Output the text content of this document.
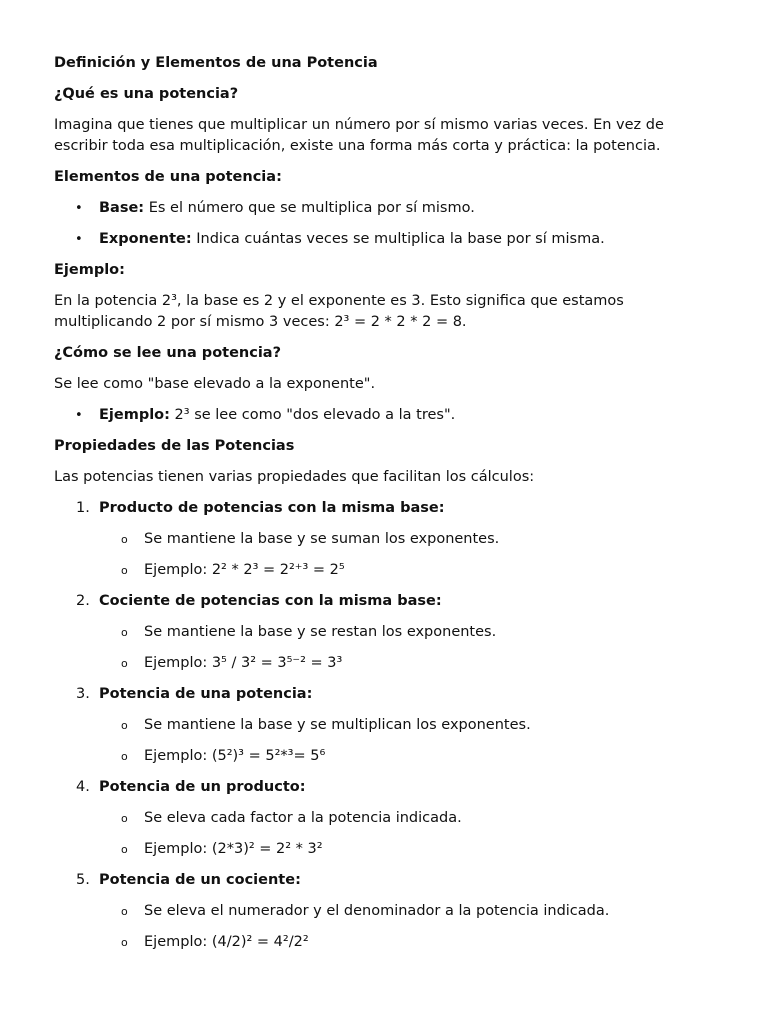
Definición y Elementos de una Potencia
¿Qué es una potencia?
Imagina que tienes que multiplicar un número por sí mismo varias veces. En vez de
escribir toda esa multiplicación, existe una forma más corta y práctica: la potencia.
Elementos de una potencia:
• Base: Es el número que se multiplica por sí mismo.
• Exponente: Indica cuántas veces se multiplica la base por sí misma.
Ejemplo:
En la potencia 2³, la base es 2 y el exponente es 3. Esto significa que estamos
multiplicando 2 por sí mismo 3 veces: 2³ = 2 * 2 * 2 = 8.
¿Cómo se lee una potencia?
Se lee como "base elevado a la exponente".
• Ejemplo: 2³ se lee como "dos elevado a la tres".
Propiedades de las Potencias
Las potencias tienen varias propiedades que facilitan los cálculos:
1. Producto de potencias con la misma base:
o Se mantiene la base y se suman los exponentes.
o Ejemplo: 2² * 2³ = 2²⁺³ = 2⁵
2. Cociente de potencias con la misma base:
o Se mantiene la base y se restan los exponentes.
o Ejemplo: 3⁵ / 3² = 3⁵⁻² = 3³
3. Potencia de una potencia:
o Se mantiene la base y se multiplican los exponentes.
o Ejemplo: (5²)³ = 5²*³= 5⁶
4. Potencia de un producto:
o Se eleva cada factor a la potencia indicada.
o Ejemplo: (2*3)² = 2² * 3²
5. Potencia de un cociente:
o Se eleva el numerador y el denominador a la potencia indicada.
o Ejemplo: (4/2)² = 4²/2²
